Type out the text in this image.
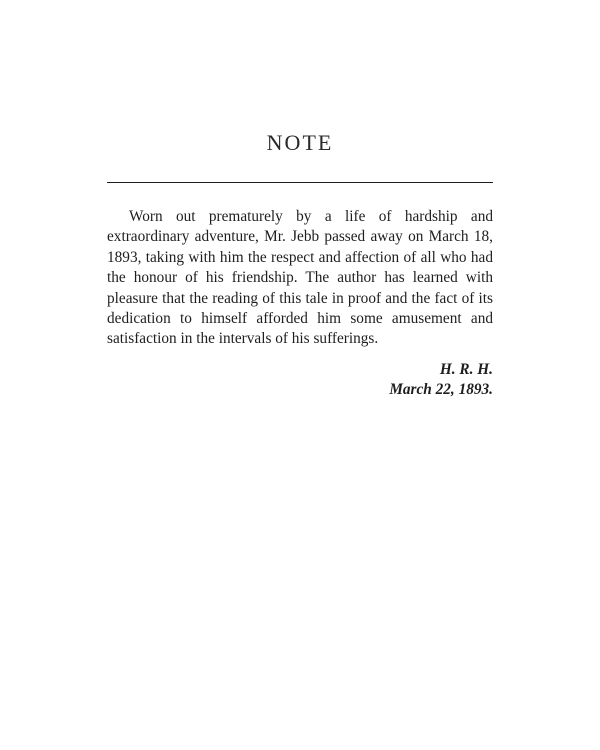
NOTE

Worn out prematurely by a life of hardship and extraordinary adventure, Mr. Jebb passed away on March 18, 1893, taking with him the respect and affection of all who had the honour of his friendship. The author has learned with pleasure that the reading of this tale in proof and the fact of its dedication to himself afforded him some amusement and satisfaction in the intervals of his sufferings.

H. R. H.
March 22, 1893.
